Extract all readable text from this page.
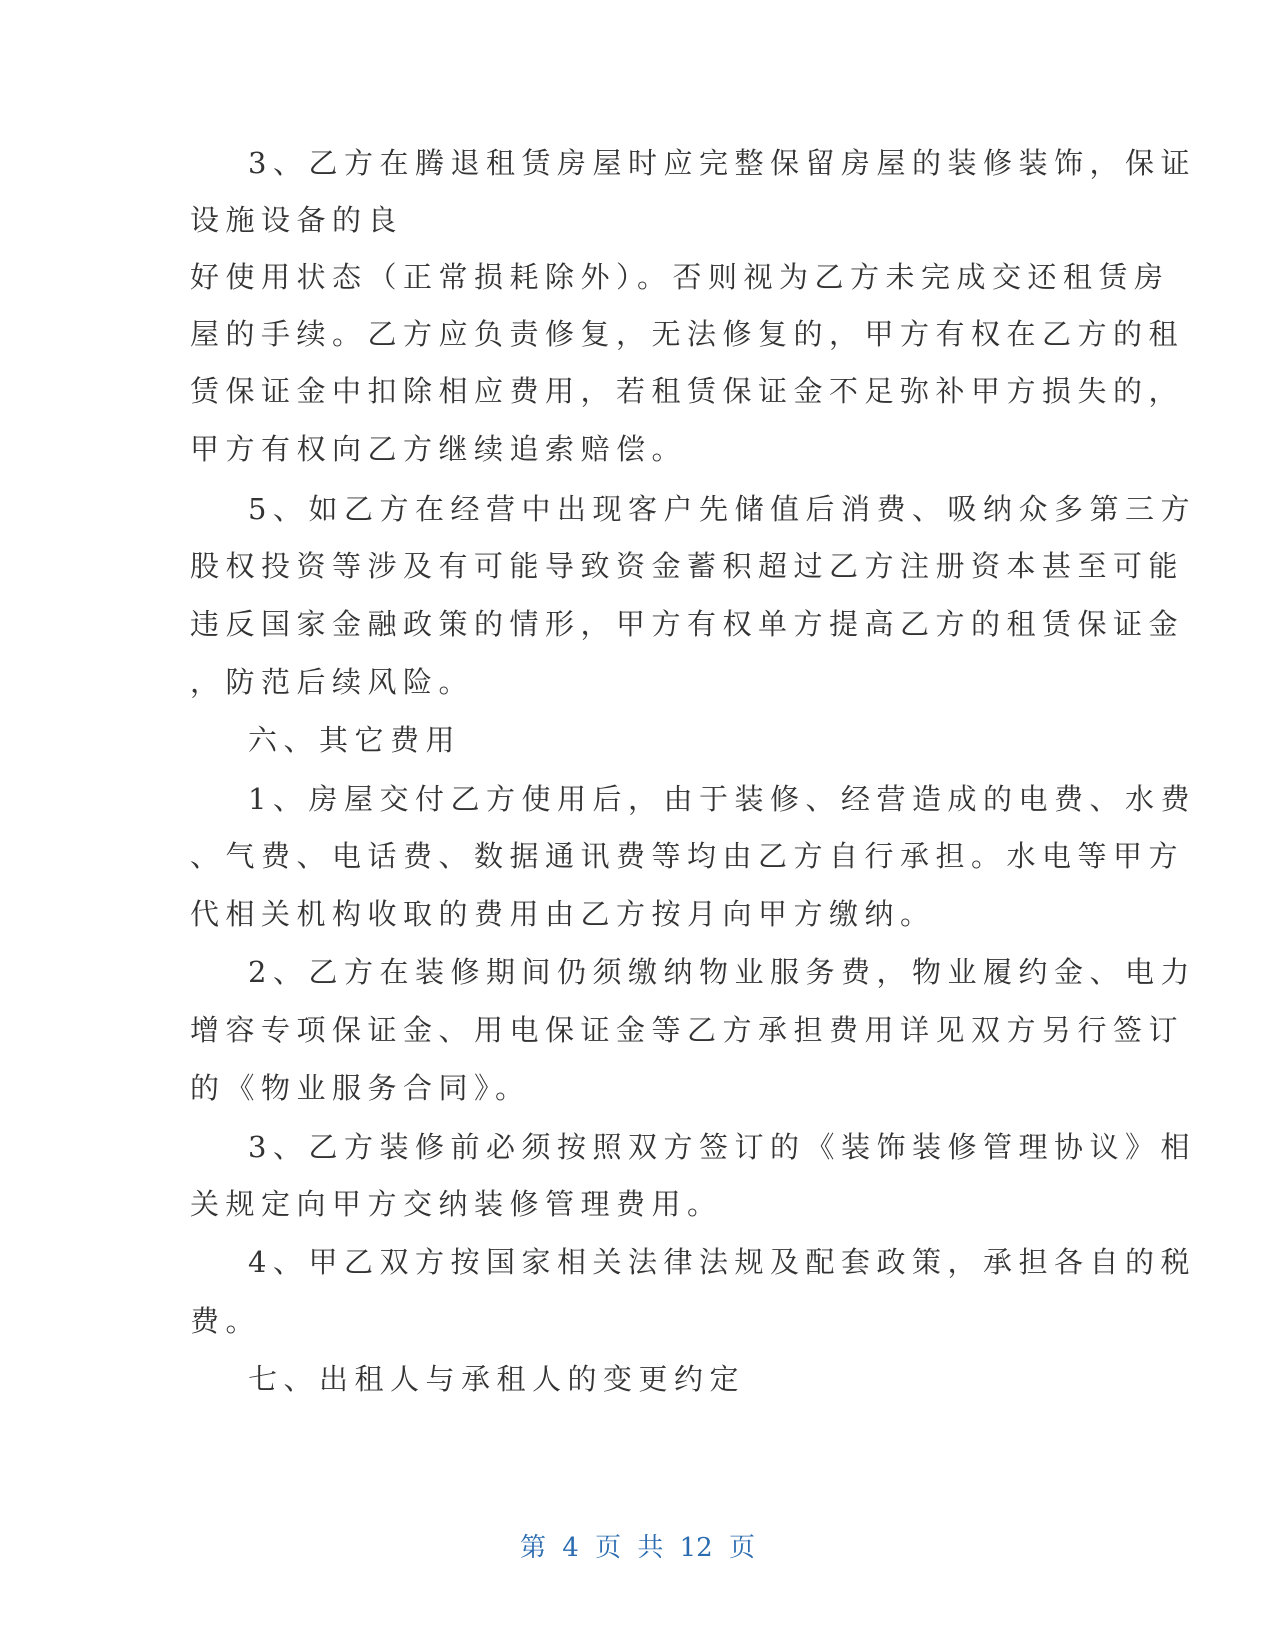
3、乙方在腾退租赁房屋时应完整保留房屋的装修装饰，保证
设施设备的良
好使用状态（正常损耗除外）。否则视为乙方未完成交还租赁房
屋的手续。乙方应负责修复，无法修复的，甲方有权在乙方的租
赁保证金中扣除相应费用，若租赁保证金不足弥补甲方损失的，
甲方有权向乙方继续追索赔偿。
5、如乙方在经营中出现客户先储值后消费、吸纳众多第三方
股权投资等涉及有可能导致资金蓄积超过乙方注册资本甚至可能
违反国家金融政策的情形，甲方有权单方提高乙方的租赁保证金
，防范后续风险。
六、其它费用
1、房屋交付乙方使用后，由于装修、经营造成的电费、水费
、气费、电话费、数据通讯费等均由乙方自行承担。水电等甲方
代相关机构收取的费用由乙方按月向甲方缴纳。
2、乙方在装修期间仍须缴纳物业服务费，物业履约金、电力
增容专项保证金、用电保证金等乙方承担费用详见双方另行签订
的《物业服务合同》。
3、乙方装修前必须按照双方签订的《装饰装修管理协议》相
关规定向甲方交纳装修管理费用。
4、甲乙双方按国家相关法律法规及配套政策，承担各自的税
费。
七、出租人与承租人的变更约定
第 4 页 共 12 页
